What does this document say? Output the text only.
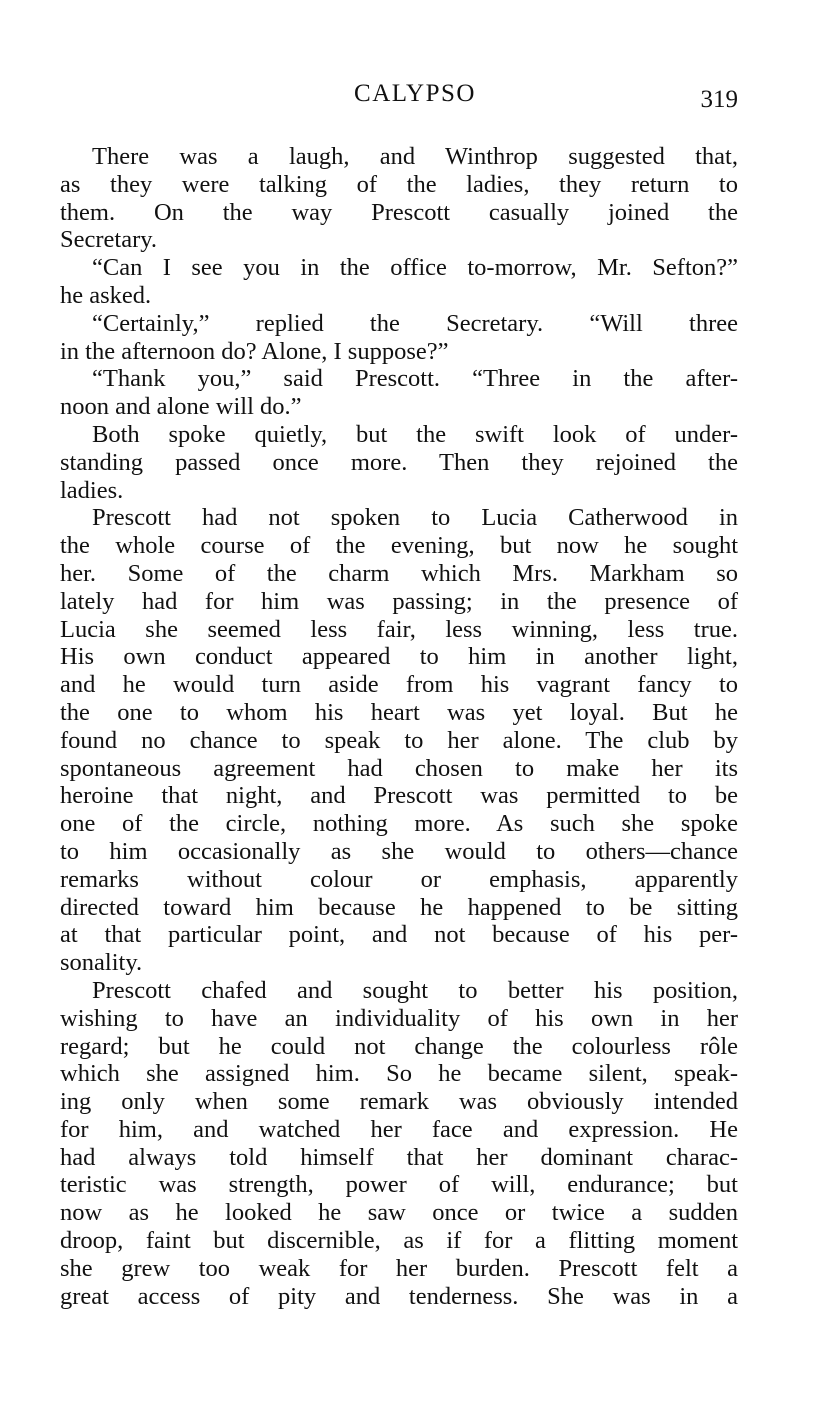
CALYPSO	319
There was a laugh, and Winthrop suggested that,
as they were talking of the ladies, they return to
them. On the way Prescott casually joined the
Secretary.
“Can I see you in the office to-morrow, Mr. Sefton?”
he asked.
“Certainly,” replied the Secretary. “Will three
in the afternoon do? Alone, I suppose?”
“Thank you,” said Prescott. “Three in the after-
noon and alone will do.”
Both spoke quietly, but the swift look of under-
standing passed once more. Then they rejoined the
ladies.
Prescott had not spoken to Lucia Catherwood in
the whole course of the evening, but now he sought
her. Some of the charm which Mrs. Markham so
lately had for him was passing; in the presence of
Lucia she seemed less fair, less winning, less true.
His own conduct appeared to him in another light,
and he would turn aside from his vagrant fancy to
the one to whom his heart was yet loyal. But he
found no chance to speak to her alone. The club by
spontaneous agreement had chosen to make her its
heroine that night, and Prescott was permitted to be
one of the circle, nothing more. As such she spoke
to him occasionally as she would to others—chance
remarks without colour or emphasis, apparently
directed toward him because he happened to be sitting
at that particular point, and not because of his per-
sonality.
Prescott chafed and sought to better his position,
wishing to have an individuality of his own in her
regard; but he could not change the colourless rôle
which she assigned him. So he became silent, speak-
ing only when some remark was obviously intended
for him, and watched her face and expression. He
had always told himself that her dominant charac-
teristic was strength, power of will, endurance; but
now as he looked he saw once or twice a sudden
droop, faint but discernible, as if for a flitting moment
she grew too weak for her burden. Prescott felt a
great access of pity and tenderness. She was in a
